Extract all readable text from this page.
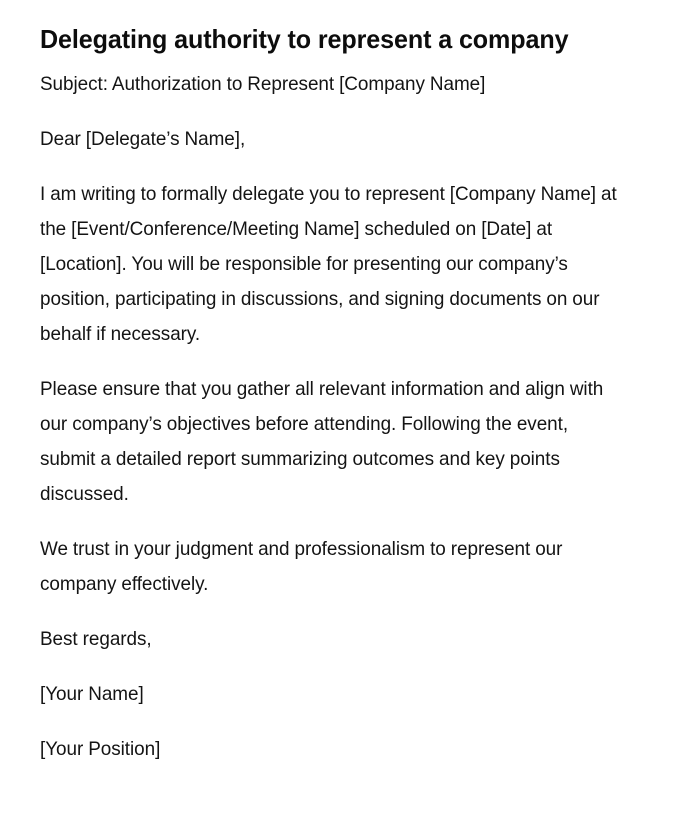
Delegating authority to represent a company

Subject: Authorization to Represent [Company Name]

Dear [Delegate’s Name],

I am writing to formally delegate you to represent [Company Name] at the [Event/Conference/Meeting Name] scheduled on [Date] at [Location]. You will be responsible for presenting our company’s position, participating in discussions, and signing documents on our behalf if necessary.

Please ensure that you gather all relevant information and align with our company’s objectives before attending. Following the event, submit a detailed report summarizing outcomes and key points discussed.

We trust in your judgment and professionalism to represent our company effectively.

Best regards,

[Your Name]

[Your Position]
